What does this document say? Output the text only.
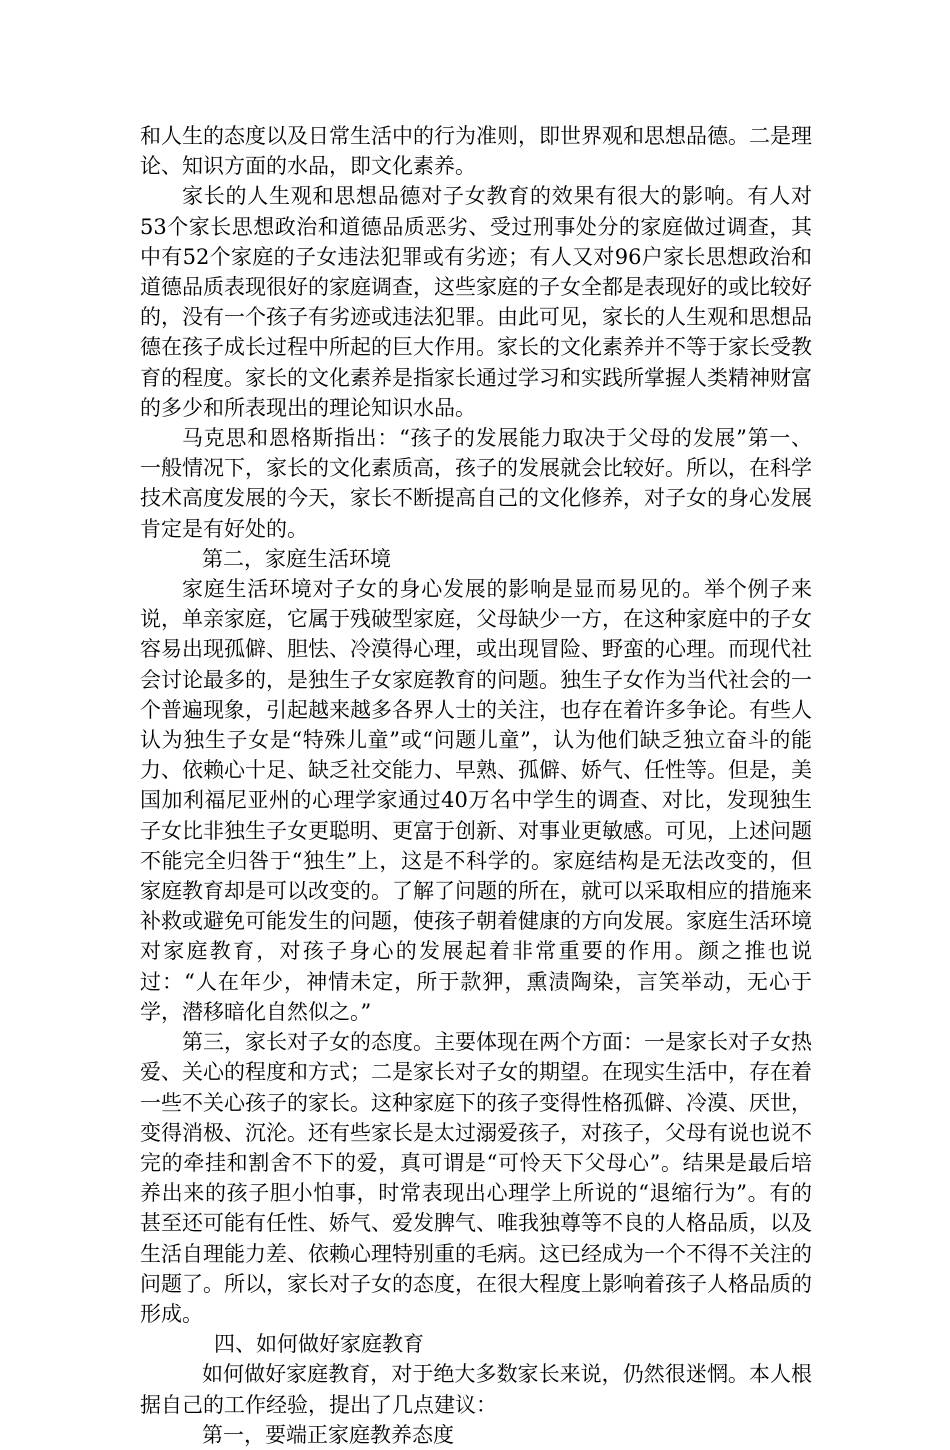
和人生的态度以及日常生活中的行为准则，即世界观和思想品德。二是理论、知识方面的水品，即文化素养。

家长的人生观和思想品德对子女教育的效果有很大的影响。有人对53个家长思想政治和道德品质恶劣、受过刑事处分的家庭做过调查，其中有52个家庭的子女违法犯罪或有劣迹；有人又对96户家长思想政治和道德品质表现很好的家庭调查，这些家庭的子女全都是表现好的或比较好的，没有一个孩子有劣迹或违法犯罪。由此可见，家长的人生观和思想品德在孩子成长过程中所起的巨大作用。家长的文化素养并不等于家长受教育的程度。家长的文化素养是指家长通过学习和实践所掌握人类精神财富的多少和所表现出的理论知识水品。

马克思和恩格斯指出：“孩子的发展能力取决于父母的发展”第一、一般情况下，家长的文化素质高，孩子的发展就会比较好。所以，在科学技术高度发展的今天，家长不断提高自己的文化修养，对子女的身心发展肯定是有好处的。

第二，家庭生活环境

家庭生活环境对子女的身心发展的影响是显而易见的。举个例子来说，单亲家庭，它属于残破型家庭，父母缺少一方，在这种家庭中的子女容易出现孤僻、胆怯、冷漠得心理，或出现冒险、野蛮的心理。而现代社会讨论最多的，是独生子女家庭教育的问题。独生子女作为当代社会的一个普遍现象，引起越来越多各界人士的关注，也存在着许多争论。有些人认为独生子女是“特殊儿童”或“问题儿童”，认为他们缺乏独立奋斗的能力、依赖心十足、缺乏社交能力、早熟、孤僻、娇气、任性等。但是，美国加利福尼亚州的心理学家通过40万名中学生的调查、对比，发现独生子女比非独生子女更聪明、更富于创新、对事业更敏感。可见，上述问题不能完全归咎于“独生”上，这是不科学的。家庭结构是无法改变的，但家庭教育却是可以改变的。了解了问题的所在，就可以采取相应的措施来补救或避免可能发生的问题，使孩子朝着健康的方向发展。家庭生活环境对家庭教育，对孩子身心的发展起着非常重要的作用。颜之推也说过：“人在年少，神情未定，所于款狎，熏渍陶染，言笑举动，无心于学，潜移暗化自然似之。”

第三，家长对子女的态度。主要体现在两个方面：一是家长对子女热爱、关心的程度和方式；二是家长对子女的期望。在现实生活中，存在着一些不关心孩子的家长。这种家庭下的孩子变得性格孤僻、冷漠、厌世，变得消极、沉沦。还有些家长是太过溺爱孩子，对孩子，父母有说也说不完的牵挂和割舍不下的爱，真可谓是“可怜天下父母心”。结果是最后培养出来的孩子胆小怕事，时常表现出心理学上所说的“退缩行为”。有的甚至还可能有任性、娇气、爱发脾气、唯我独尊等不良的人格品质，以及生活自理能力差、依赖心理特别重的毛病。这已经成为一个不得不关注的问题了。所以，家长对子女的态度，在很大程度上影响着孩子人格品质的形成。

四、如何做好家庭教育

如何做好家庭教育，对于绝大多数家长来说，仍然很迷惘。本人根据自己的工作经验，提出了几点建议：

第一，要端正家庭教养态度
